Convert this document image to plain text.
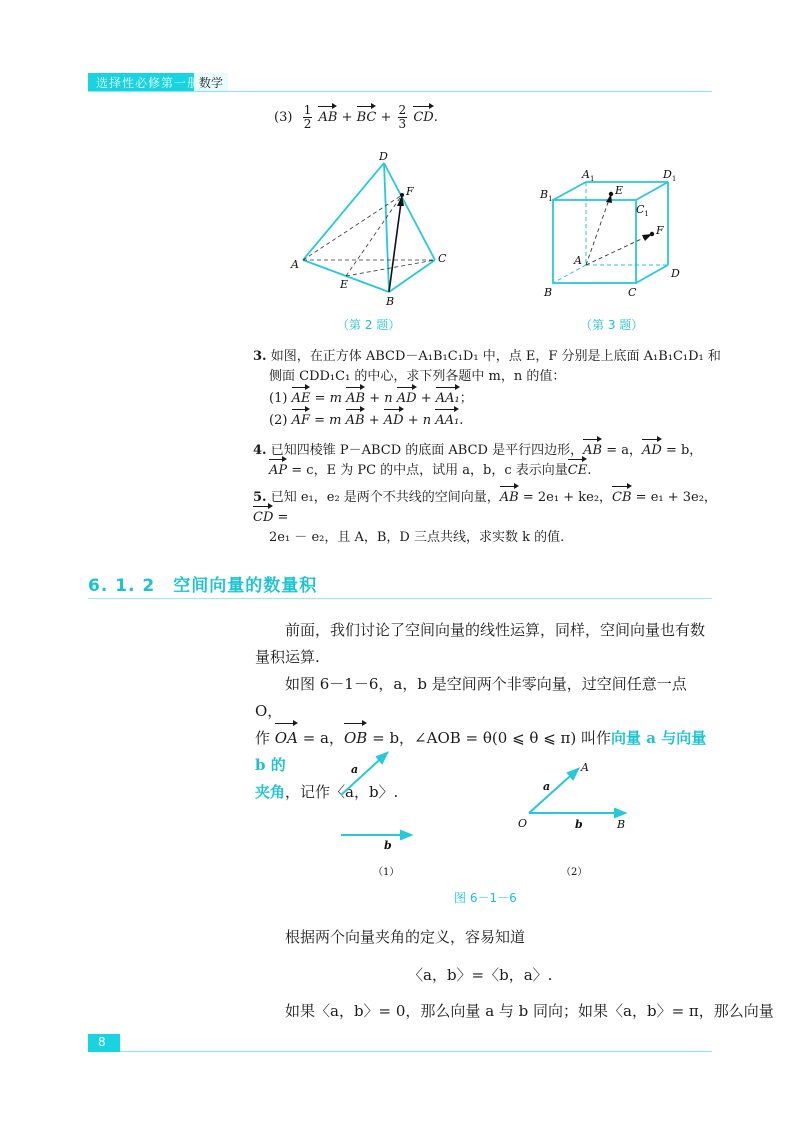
选择性必修第一册
数学
$(3) \frac{1}{2}$ AB + BC + $\frac{2}{3}$ CD.
D
F
A	C
E
B
（第 2 题）
$A_1$	$D_1$
$B_1$
$C_1$
E
F
A
D
B	C
（第 3 题）
3. 如图，在正方体 ABCD－A₁B₁C₁D₁ 中，点 E，F 分别是上底面 A₁B₁C₁D₁ 和
侧面 CDD₁C₁ 的中心，求下列各题中 m，n 的值：
(1) AE = m AB + n AD + AA₁；
(2) AF = m AB + AD + n AA₁.
4. 已知四棱锥 P－ABCD 的底面 ABCD 是平行四边形，AB = a，AD = b，
AP = c，E 为 PC 的中点，试用 a，b，c 表示向量CE.
5. 已知 e₁，e₂ 是两个不共线的空间向量，AB = 2e₁ + ke₂，CB = e₁ + 3e₂，CD =
2e₁ － e₂，且 A，B，D 三点共线，求实数 k 的值.
6. 1. 2　空间向量的数量积
前面，我们讨论了空间向量的线性运算，同样，空间向量也有数
量积运算.
如图 6－1－6，a，b 是空间两个非零向量，过空间任意一点 O，
作 OA = a，OB = b，∠AOB = θ(0 ⩽ θ ⩽ π) 叫作向量 a 与向量 b 的
夹角，记作〈a，b〉.
a
b
a
b
O
A
B
（1）	（2）
图 6－1－6
根据两个向量夹角的定义，容易知道
〈a，b〉=〈b，a〉.
如果〈a，b〉= 0，那么向量 a 与 b 同向；如果〈a，b〉= π，那么向量
8
